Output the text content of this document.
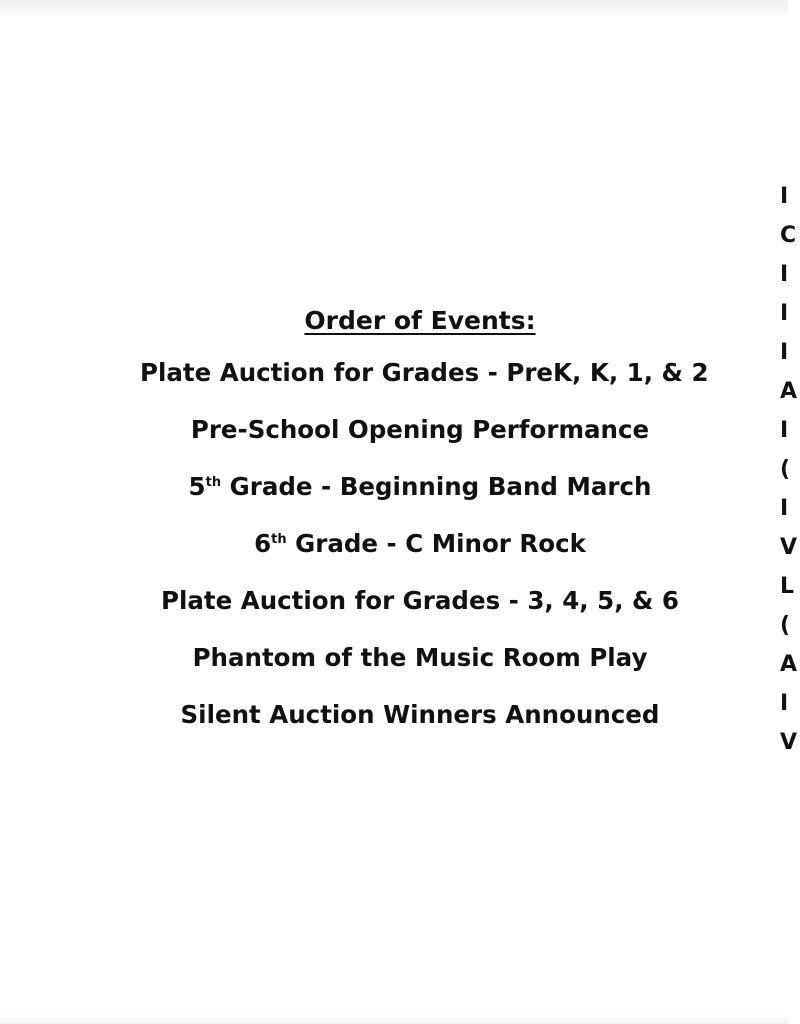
Order of Events:

Plate Auction for Grades - PreK, K, 1, & 2

Pre-School Opening Performance

5th Grade - Beginning Band March

6th Grade - C Minor Rock

Plate Auction for Grades - 3, 4, 5, & 6

Phantom of the Music Room Play

Silent Auction Winners Announced

I
C
I
I
I
A
I
(
I
V
L
(
A
I
V
